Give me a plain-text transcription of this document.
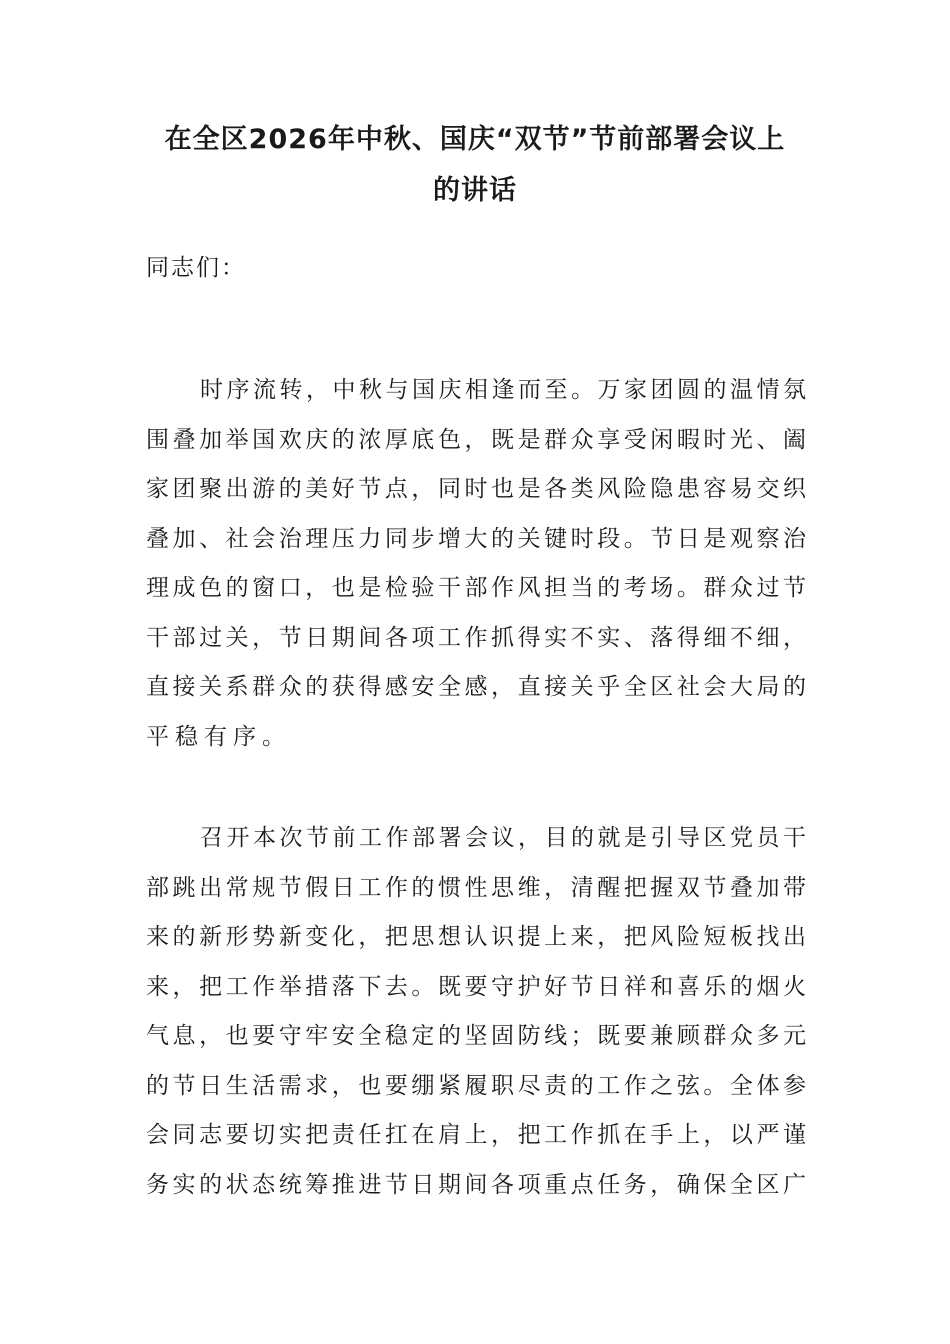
在全区2026年中秋、国庆“双节”节前部署会议上
的讲话
同志们：
时序流转，中秋与国庆相逢而至。万家团圆的温情氛
围叠加举国欢庆的浓厚底色，既是群众享受闲暇时光、阖
家团聚出游的美好节点，同时也是各类风险隐患容易交织
叠加、社会治理压力同步增大的关键时段。节日是观察治
理成色的窗口，也是检验干部作风担当的考场。群众过节
干部过关，节日期间各项工作抓得实不实、落得细不细，
直接关系群众的获得感安全感，直接关乎全区社会大局的
平稳有序。
召开本次节前工作部署会议，目的就是引导区党员干
部跳出常规节假日工作的惯性思维，清醒把握双节叠加带
来的新形势新变化，把思想认识提上来，把风险短板找出
来，把工作举措落下去。既要守护好节日祥和喜乐的烟火
气息，也要守牢安全稳定的坚固防线；既要兼顾群众多元
的节日生活需求，也要绷紧履职尽责的工作之弦。全体参
会同志要切实把责任扛在肩上，把工作抓在手上，以严谨
务实的状态统筹推进节日期间各项重点任务，确保全区广
